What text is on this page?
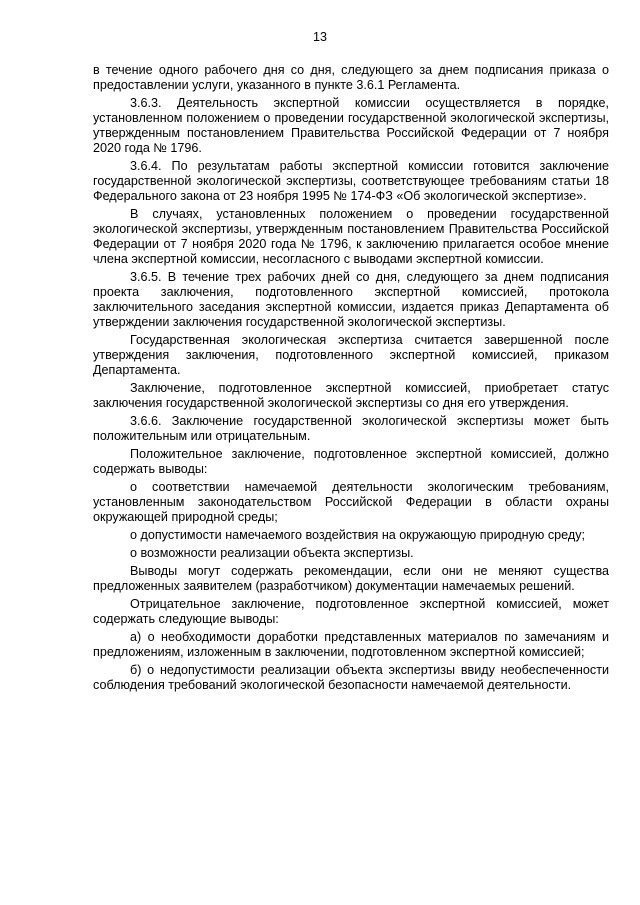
13

в течение одного рабочего дня со дня, следующего за днем подписания приказа о предоставлении услуги, указанного в пункте 3.6.1 Регламента.

3.6.3. Деятельность экспертной комиссии осуществляется в порядке, установленном положением о проведении государственной экологической экспертизы, утвержденным постановлением Правительства Российской Федерации от 7 ноября 2020 года № 1796.

3.6.4. По результатам работы экспертной комиссии готовится заключение государственной экологической экспертизы, соответствующее требованиям статьи 18 Федерального закона от 23 ноября 1995 № 174-ФЗ «Об экологической экспертизе».

В случаях, установленных положением о проведении государственной экологической экспертизы, утвержденным постановлением Правительства Российской Федерации от 7 ноября 2020 года № 1796, к заключению прилагается особое мнение члена экспертной комиссии, несогласного с выводами экспертной комиссии.

3.6.5. В течение трех рабочих дней со дня, следующего за днем подписания проекта заключения, подготовленного экспертной комиссией, протокола заключительного заседания экспертной комиссии, издается приказ Департамента об утверждении заключения государственной экологической экспертизы.

Государственная экологическая экспертиза считается завершенной после утверждения заключения, подготовленного экспертной комиссией, приказом Департамента.

Заключение, подготовленное экспертной комиссией, приобретает статус заключения государственной экологической экспертизы со дня его утверждения.

3.6.6. Заключение государственной экологической экспертизы может быть положительным или отрицательным.

Положительное заключение, подготовленное экспертной комиссией, должно содержать выводы:

о соответствии намечаемой деятельности экологическим требованиям, установленным законодательством Российской Федерации в области охраны окружающей природной среды;

о допустимости намечаемого воздействия на окружающую природную среду;

о возможности реализации объекта экспертизы.

Выводы могут содержать рекомендации, если они не меняют существа предложенных заявителем (разработчиком) документации намечаемых решений.

Отрицательное заключение, подготовленное экспертной комиссией, может содержать следующие выводы:

а) о необходимости доработки представленных материалов по замечаниям и предложениям, изложенным в заключении, подготовленном экспертной комиссией;

б) о недопустимости реализации объекта экспертизы ввиду необеспеченности соблюдения требований экологической безопасности намечаемой деятельности.
